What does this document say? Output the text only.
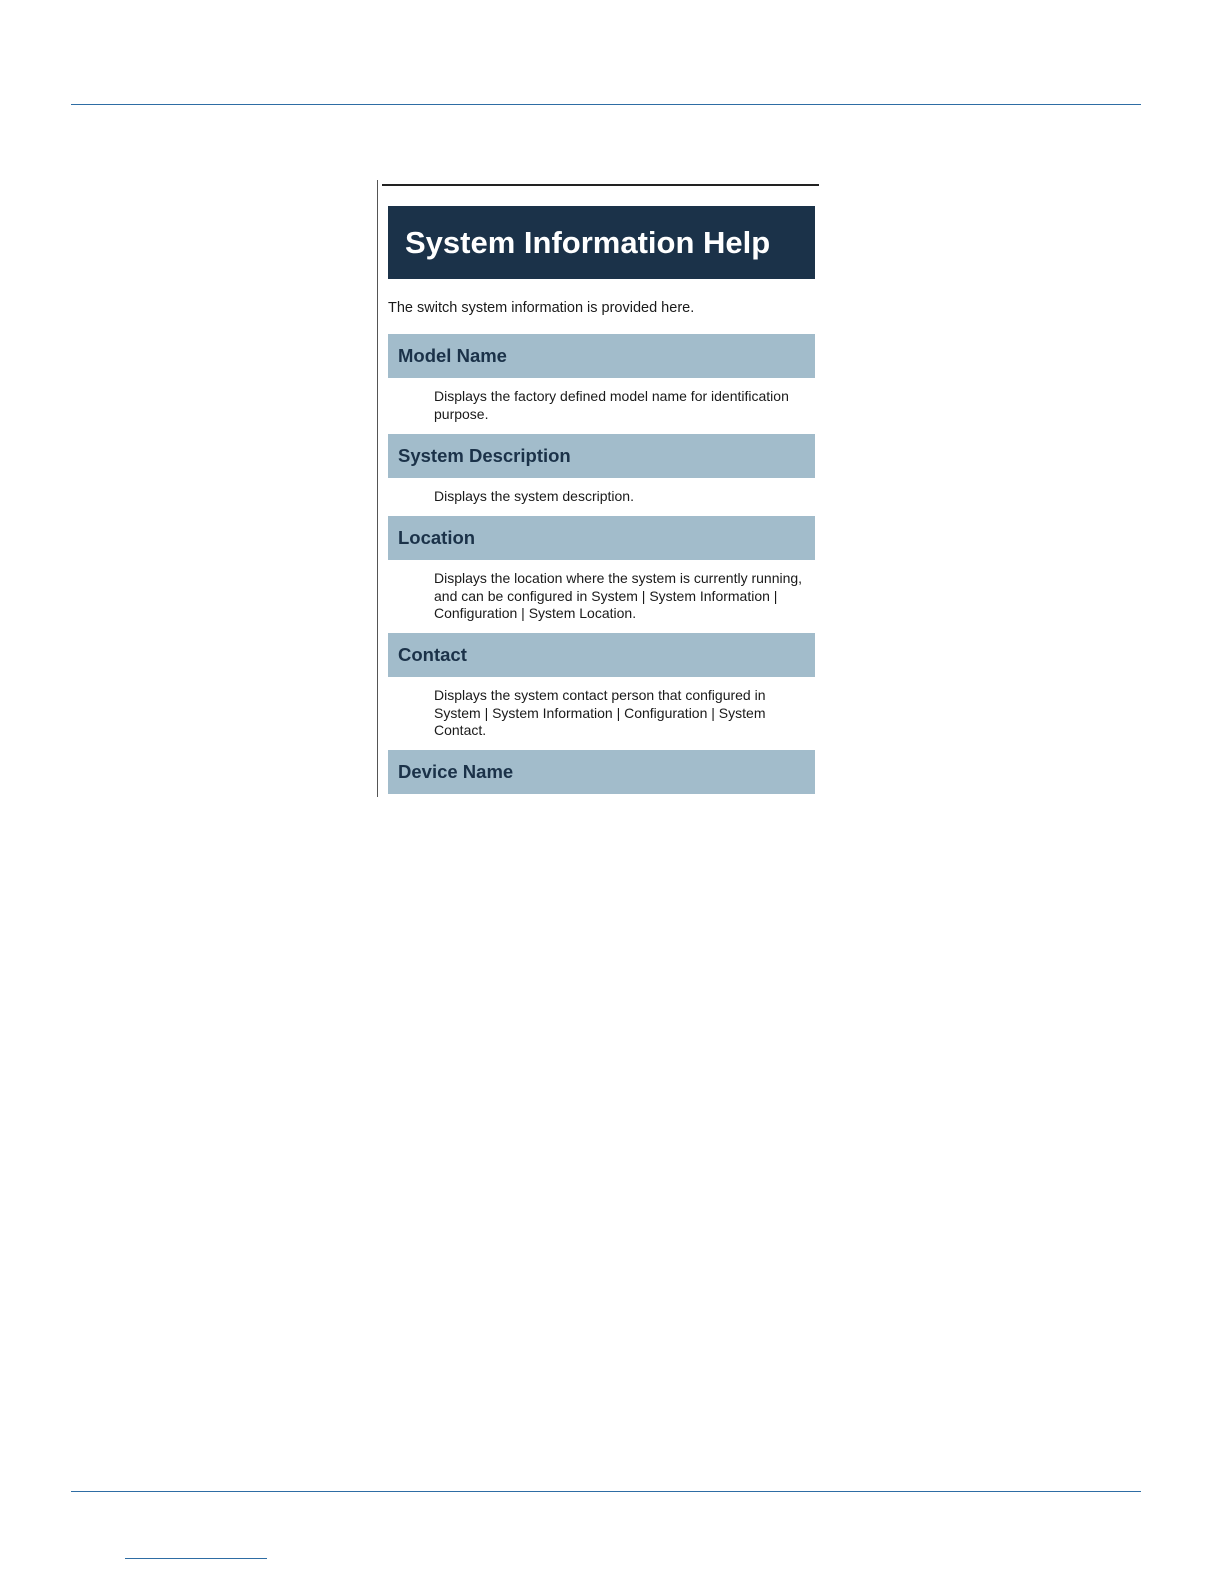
System Information Help
The switch system information is provided here.
Model Name
Displays the factory defined model name for identification purpose.
System Description
Displays the system description.
Location
Displays the location where the system is currently running, and can be configured in System | System Information | Configuration | System Location.
Contact
Displays the system contact person that configured in System | System Information | Configuration | System Contact.
Device Name
